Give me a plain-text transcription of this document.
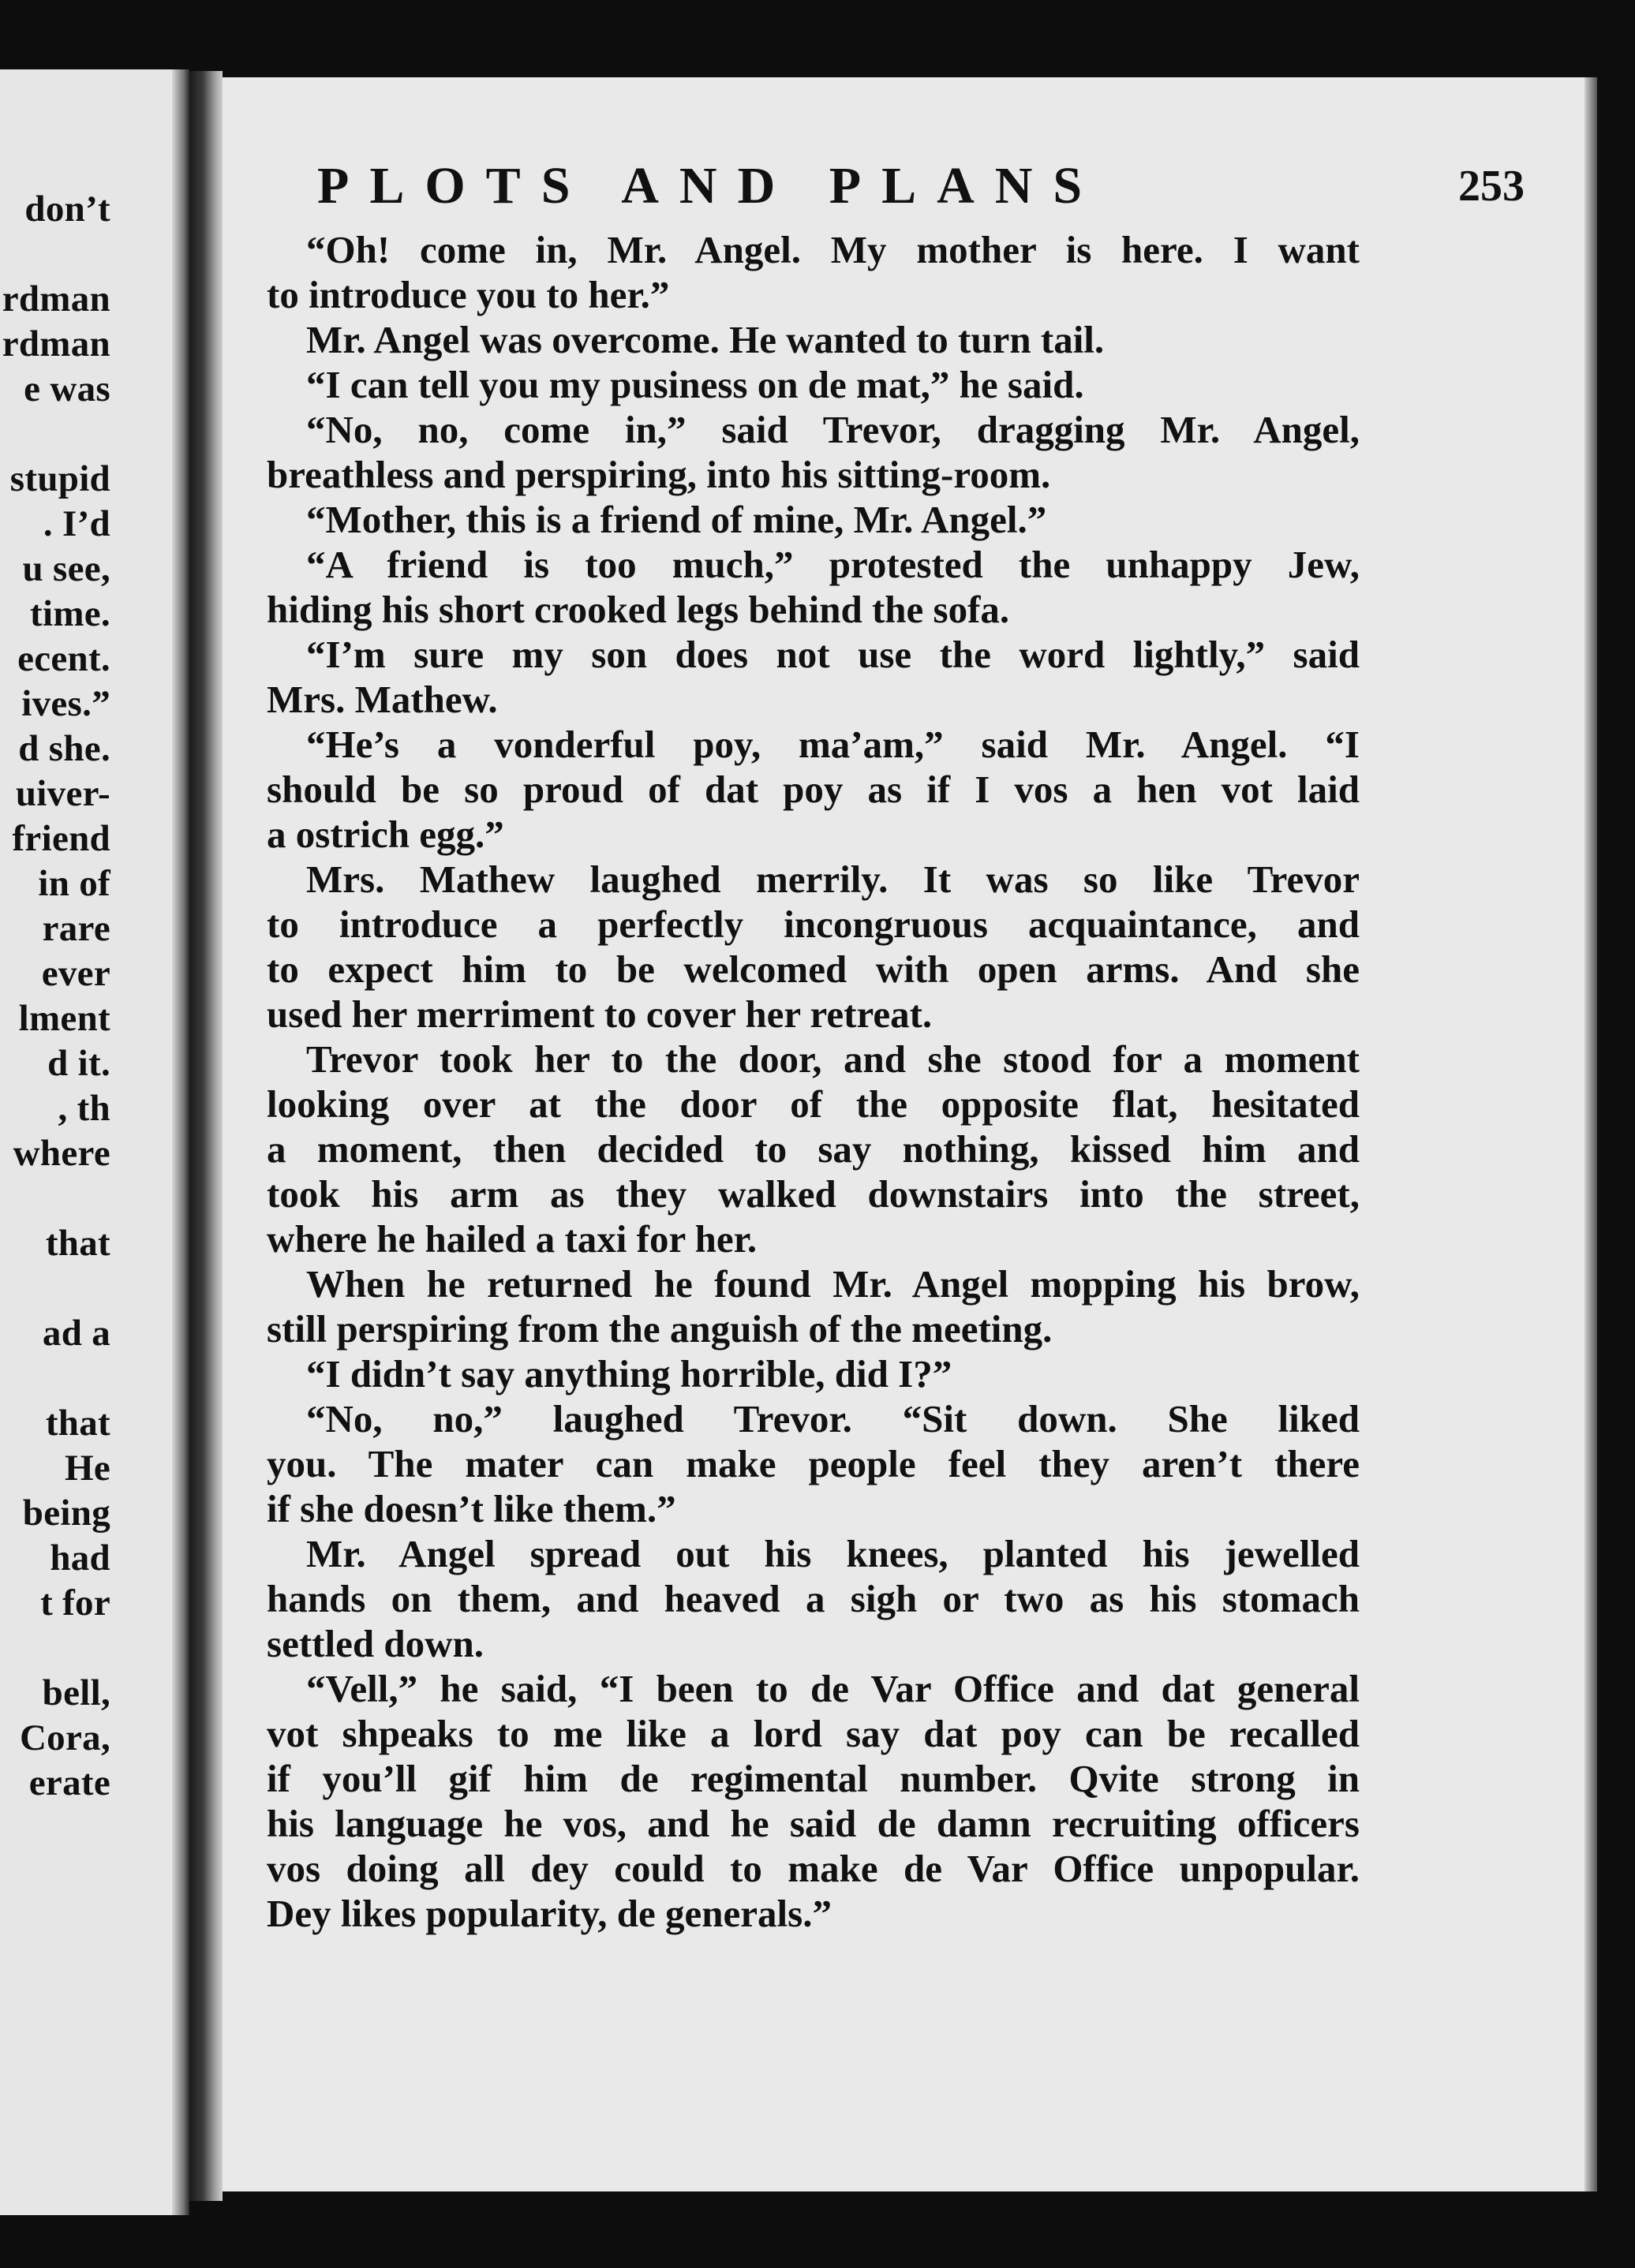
don’t
rdman
rdman
e was
stupid
. I’d
u see,
time.
ecent.
ives.”
d she.
uiver-
friend
in of
rare
ever
lment
d it.
, th
where
that
ad a
that
He
being
had
t for
bell,
Cora,
erate
PLOTS AND PLANS	253
“Oh! come in, Mr. Angel. My mother is here. I want
to introduce you to her.”
Mr. Angel was overcome. He wanted to turn tail.
“I can tell you my pusiness on de mat,” he said.
“No, no, come in,” said Trevor, dragging Mr. Angel,
breathless and perspiring, into his sitting-room.
“Mother, this is a friend of mine, Mr. Angel.”
“A friend is too much,” protested the unhappy Jew,
hiding his short crooked legs behind the sofa.
“I’m sure my son does not use the word lightly,” said
Mrs. Mathew.
“He’s a vonderful poy, ma’am,” said Mr. Angel. “I
should be so proud of dat poy as if I vos a hen vot laid
a ostrich egg.”
Mrs. Mathew laughed merrily. It was so like Trevor
to introduce a perfectly incongruous acquaintance, and
to expect him to be welcomed with open arms. And she
used her merriment to cover her retreat.
Trevor took her to the door, and she stood for a moment
looking over at the door of the opposite flat, hesitated
a moment, then decided to say nothing, kissed him and
took his arm as they walked downstairs into the street,
where he hailed a taxi for her.
When he returned he found Mr. Angel mopping his brow,
still perspiring from the anguish of the meeting.
“I didn’t say anything horrible, did I?”
“No, no,” laughed Trevor. “Sit down. She liked
you. The mater can make people feel they aren’t there
if she doesn’t like them.”
Mr. Angel spread out his knees, planted his jewelled
hands on them, and heaved a sigh or two as his stomach
settled down.
“Vell,” he said, “I been to de Var Office and dat general
vot shpeaks to me like a lord say dat poy can be recalled
if you’ll gif him de regimental number. Qvite strong in
his language he vos, and he said de damn recruiting officers
vos doing all dey could to make de Var Office unpopular.
Dey likes popularity, de generals.”
